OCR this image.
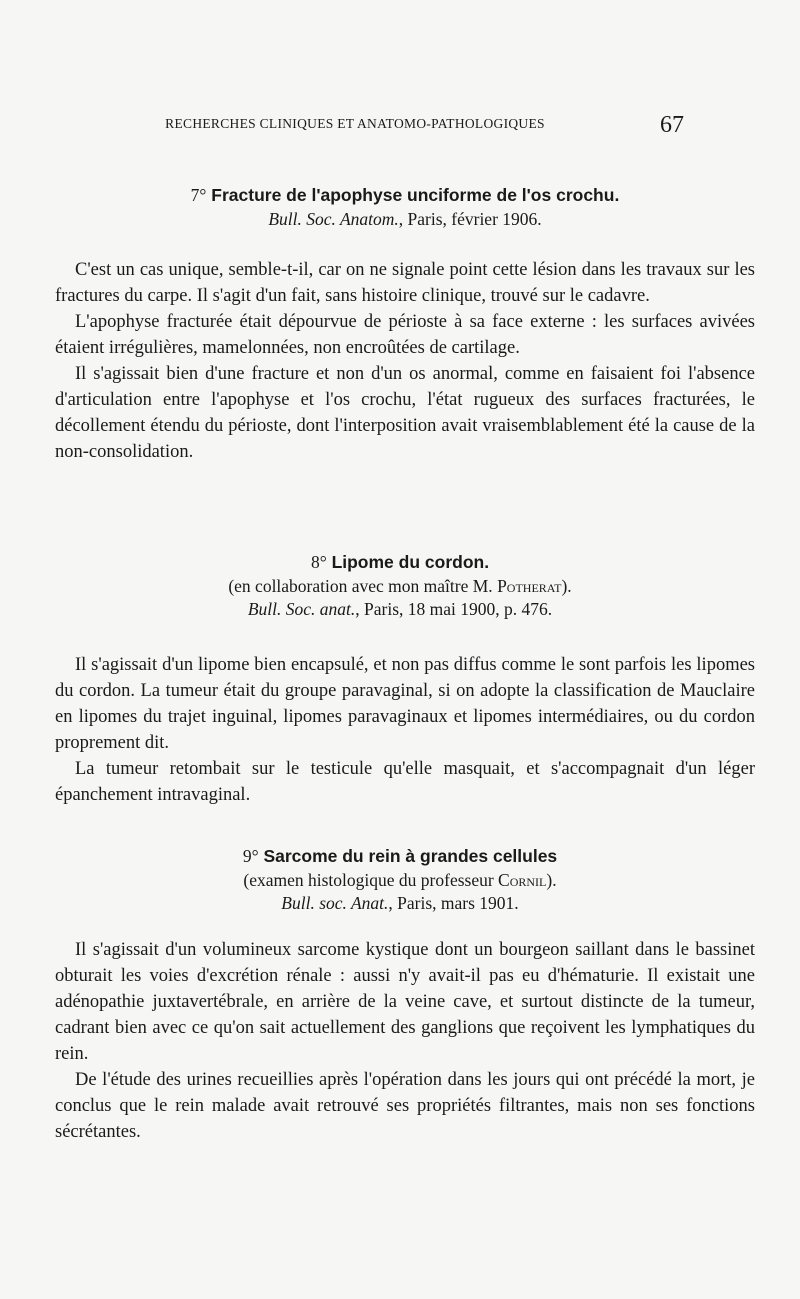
RECHERCHES CLINIQUES ET ANATOMO-PATHOLOGIQUES	67
7° Fracture de l'apophyse unciforme de l'os crochu.
Bull. Soc. Anatom., Paris, février 1906.

C'est un cas unique, semble-t-il, car on ne signale point cette lésion dans les travaux sur les fractures du carpe. Il s'agit d'un fait, sans histoire clinique, trouvé sur le cadavre.

L'apophyse fracturée était dépourvue de périoste à sa face externe : les surfaces avivées étaient irrégulières, mamelonnées, non encroûtées de cartilage.

Il s'agissait bien d'une fracture et non d'un os anormal, comme en faisaient foi l'absence d'articulation entre l'apophyse et l'os crochu, l'état rugueux des surfaces fracturées, le décollement étendu du périoste, dont l'interposition avait vraisemblablement été la cause de la non-consolidation.

8° Lipome du cordon.
(en collaboration avec mon maître M. Potherat).
Bull. Soc. anat., Paris, 18 mai 1900, p. 476.

Il s'agissait d'un lipome bien encapsulé, et non pas diffus comme le sont parfois les lipomes du cordon. La tumeur était du groupe paravaginal, si on adopte la classification de Mauclaire en lipomes du trajet inguinal, lipomes paravaginaux et lipomes intermédiaires, ou du cordon proprement dit.

La tumeur retombait sur le testicule qu'elle masquait, et s'accompagnait d'un léger épanchement intravaginal.

9° Sarcome du rein à grandes cellules
(examen histologique du professeur Cornil).
Bull. soc. Anat., Paris, mars 1901.

Il s'agissait d'un volumineux sarcome kystique dont un bourgeon saillant dans le bassinet obturait les voies d'excrétion rénale : aussi n'y avait-il pas eu d'hématurie. Il existait une adénopathie juxtavertébrale, en arrière de la veine cave, et surtout distincte de la tumeur, cadrant bien avec ce qu'on sait actuellement des ganglions que reçoivent les lymphatiques du rein.

De l'étude des urines recueillies après l'opération dans les jours qui ont précédé la mort, je conclus que le rein malade avait retrouvé ses propriétés filtrantes, mais non ses fonctions sécrétantes.
